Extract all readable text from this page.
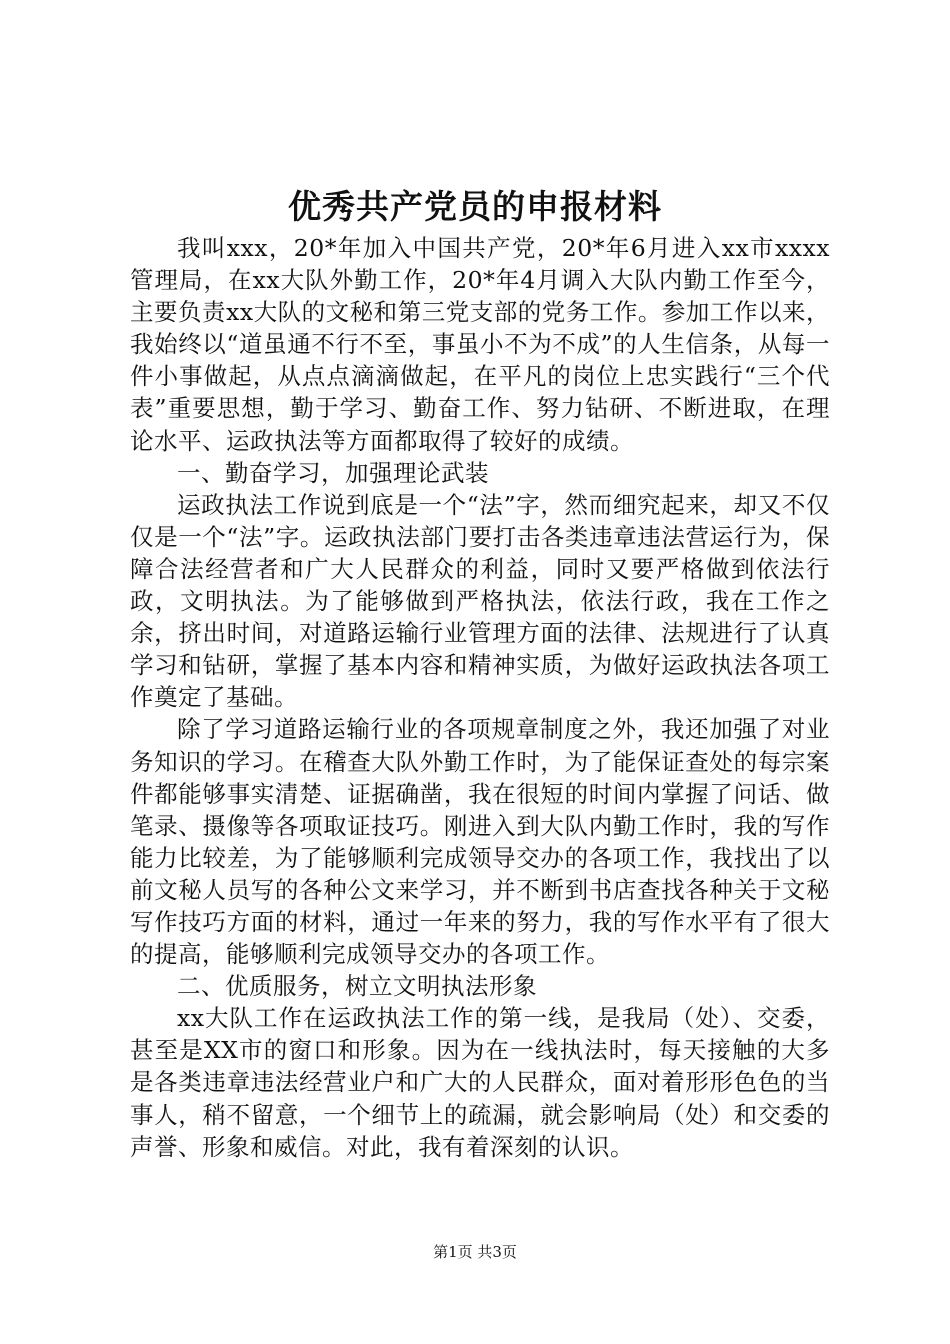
优秀共产党员的申报材料

我叫xxx，20*年加入中国共产党，20*年6月进入xx市xxxx管理局，在xx大队外勤工作，20*年4月调入大队内勤工作至今，主要负责xx大队的文秘和第三党支部的党务工作。参加工作以来，我始终以“道虽通不行不至，事虽小不为不成”的人生信条，从每一件小事做起，从点点滴滴做起，在平凡的岗位上忠实践行“三个代表”重要思想，勤于学习、勤奋工作、努力钻研、不断进取，在理论水平、运政执法等方面都取得了较好的成绩。

一、勤奋学习，加强理论武装

运政执法工作说到底是一个“法”字，然而细究起来，却又不仅仅是一个“法”字。运政执法部门要打击各类违章违法营运行为，保障合法经营者和广大人民群众的利益，同时又要严格做到依法行政，文明执法。为了能够做到严格执法，依法行政，我在工作之余，挤出时间，对道路运输行业管理方面的法律、法规进行了认真学习和钻研，掌握了基本内容和精神实质，为做好运政执法各项工作奠定了基础。

除了学习道路运输行业的各项规章制度之外，我还加强了对业务知识的学习。在稽查大队外勤工作时，为了能保证查处的每宗案件都能够事实清楚、证据确凿，我在很短的时间内掌握了问话、做笔录、摄像等各项取证技巧。刚进入到大队内勤工作时，我的写作能力比较差，为了能够顺利完成领导交办的各项工作，我找出了以前文秘人员写的各种公文来学习，并不断到书店查找各种关于文秘写作技巧方面的材料，通过一年来的努力，我的写作水平有了很大的提高，能够顺利完成领导交办的各项工作。

二、优质服务，树立文明执法形象

xx大队工作在运政执法工作的第一线，是我局（处）、交委，甚至是XX市的窗口和形象。因为在一线执法时，每天接触的大多是各类违章违法经营业户和广大的人民群众，面对着形形色色的当事人，稍不留意，一个细节上的疏漏，就会影响局（处）和交委的声誉、形象和威信。对此，我有着深刻的认识。

第1页 共3页
